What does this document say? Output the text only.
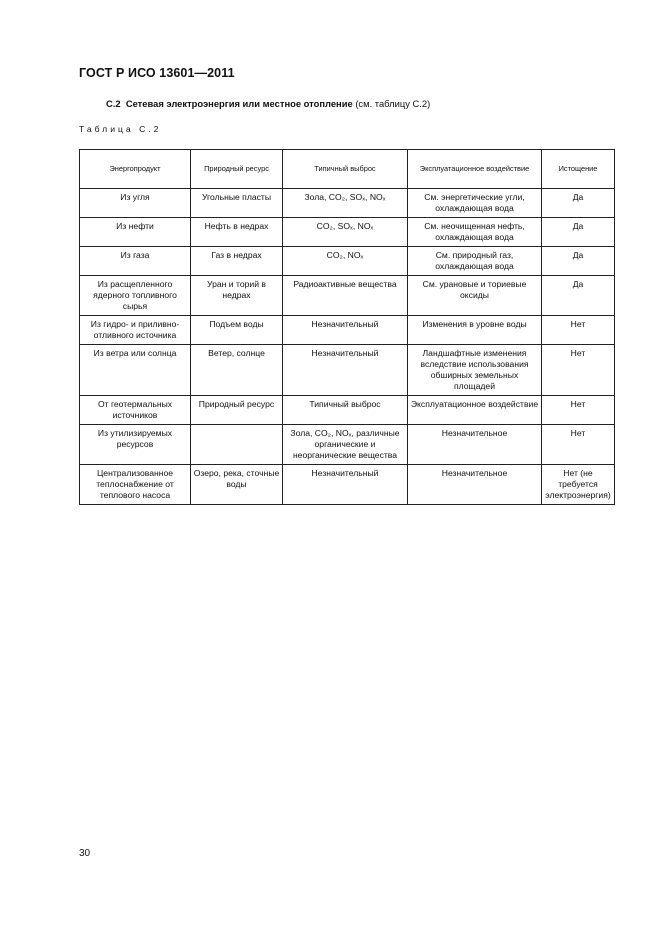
ГОСТ Р ИСО 13601—2011
С.2 Сетевая электроэнергия или местное отопление (см. таблицу С.2)
Таблица С.2
Энергопродукт	Природный ресурс	Типичный выброс	Эксплуатационное воздействие	Истощение
Из угля	Угольные пласты	Зола, CO₂, SOₓ, NOₓ	См. энергетические угли, охлаждающая вода	Да
Из нефти	Нефть в недрах	CO₂, SOₓ, NOₓ	См. неочищенная нефть, охлаждающая вода	Да
Из газа	Газ в недрах	CO₂, NOₓ	См. природный газ, охлаждающая вода	Да
Из расщепленного ядерного топливного сырья	Уран и торий в недрах	Радиоактивные вещества	См. урановые и ториевые оксиды	Да
Из гидро- и приливно-отливного источника	Подъем воды	Незначительный	Изменения в уровне воды	Нет
Из ветра или солнца	Ветер, солнце	Незначительный	Ландшафтные изменения вследствие использования обширных земельных площадей	Нет
От геотермальных источников	Природный ресурс	Типичный выброс	Эксплуатационное воздействие	Нет
Из утилизируемых ресурсов		Зола, CO₂, NOₓ, различные органические и неорганические вещества	Незначительное	Нет
Централизованное теплоснабжение от теплового насоса	Озеро, река, сточные воды	Незначительный	Незначительное	Нет (не требуется электроэнергия)
30
